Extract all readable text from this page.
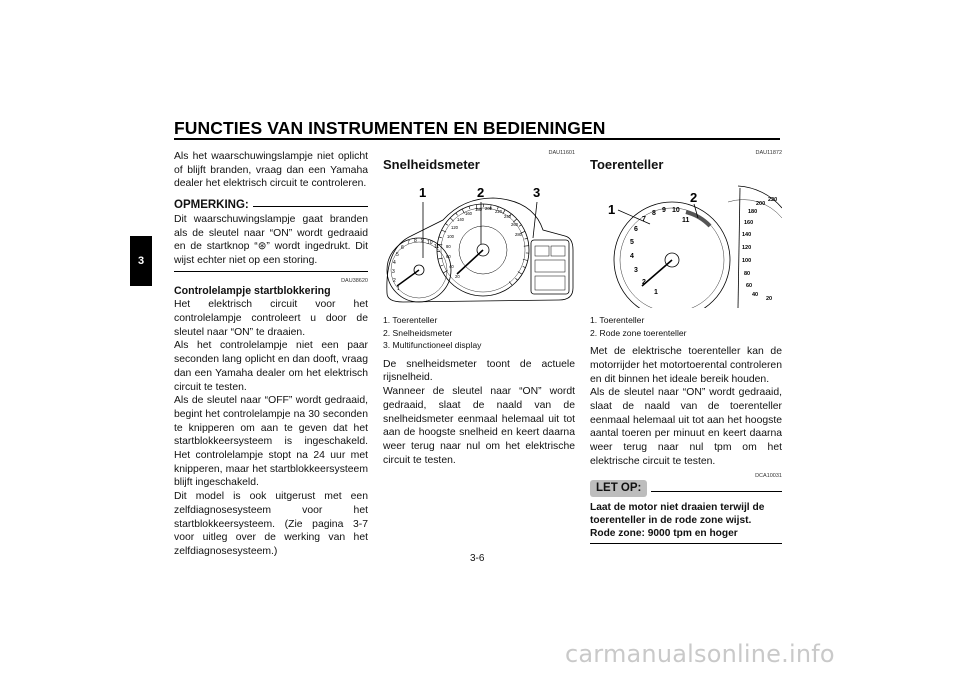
FUNCTIES VAN INSTRUMENTEN EN BEDIENINGEN
3

Als het waarschuwingslampje niet oplicht of blijft branden, vraag dan een Yamaha dealer het elektrisch circuit te controleren.

OPMERKING:

Dit waarschuwingslampje gaat branden als de sleutel naar “ON” wordt gedraaid en de startknop “⊛” wordt ingedrukt. Dit wijst echter niet op een storing.

DAU38620
Controlelampje startblokkering

Het elektrisch circuit voor het controlelampje controleert u door de sleutel naar “ON” te draaien.

Als het controlelampje niet een paar seconden lang oplicht en dan dooft, vraag dan een Yamaha dealer om het elektrisch circuit te testen.

Als de sleutel naar “OFF” wordt gedraaid, begint het controlelampje na 30 seconden te knipperen om aan te geven dat het startblokkeersysteem is ingeschakeld. Het controlelampje stopt na 24 uur met knipperen, maar het startblokkeersysteem blijft ingeschakeld.

Dit model is ook uitgerust met een zelfdiagnosesysteem voor het startblokkeersysteem. (Zie pagina 3-7 voor uitleg over de werking van het zelfdiagnosesysteem.)

DAU11601
Snelheidsmeter
1	2	3
1
2
3
4
5
6
7 8 9 10
11
20
40
60
80
100
120
140
160
180 200
220
240
260
280
1. Toerenteller
2. Snelheidsmeter
3. Multifunctioneel display

De snelheidsmeter toont de actuele rijsnelheid.

Wanneer de sleutel naar “ON” wordt gedraaid, slaat de naald van de snelheidsmeter eenmaal helemaal uit tot aan de hoogste snelheid en keert daarna weer terug naar nul om het elektrische circuit te testen.

DAU11872
Toerenteller
1
2
1
2
3
4
5
6
7
8 9 10
11
20
40
60
80
100
120
140
160
180
200
220
1. Toerenteller
2. Rode zone toerenteller

Met de elektrische toerenteller kan de motorrijder het motortoerental controleren en dit binnen het ideale bereik houden.

Als de sleutel naar “ON” wordt gedraaid, slaat de naald van de toerenteller eenmaal helemaal uit tot aan het hoogste aantal toeren per minuut en keert daarna weer terug naar nul tpm om het elektrische circuit te testen.

DCA10031
LET OP:
Laat de motor niet draaien terwijl de toerenteller in de rode zone wijst.
Rode zone: 9000 tpm en hoger
3-6
carmanualsonline.info
